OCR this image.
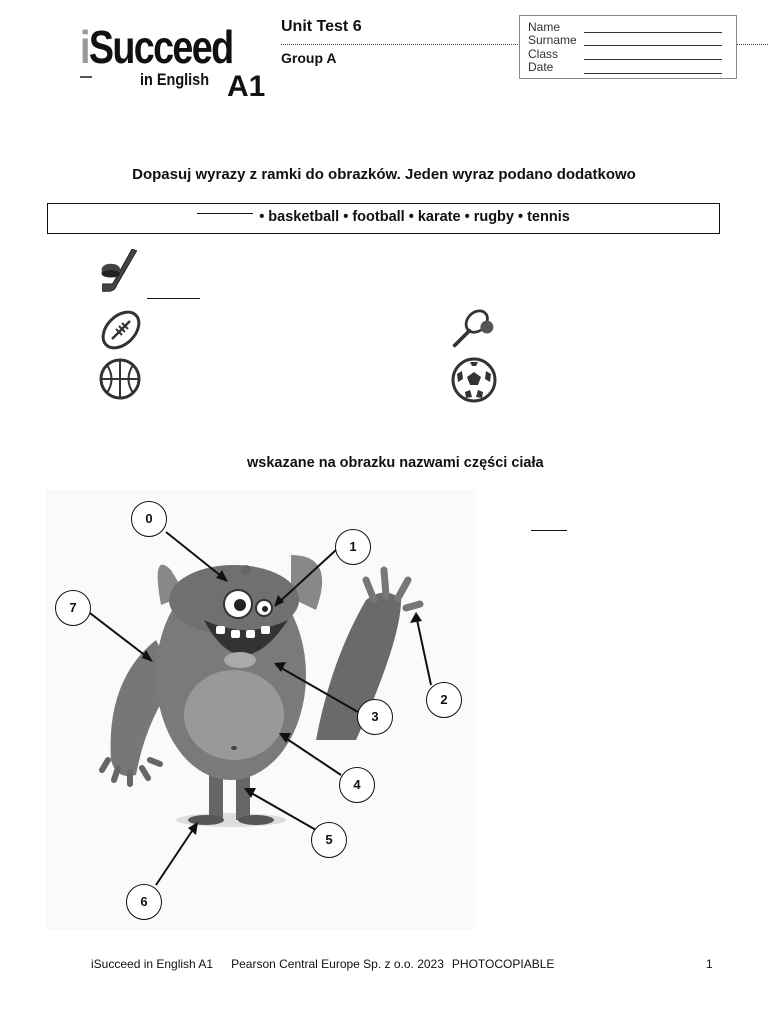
iSucceed
in English A1
Unit Test 6
Group A
Name
Surname
Class
Date
Dopasuj wyrazy z ramki do obrazków. Jeden wyraz podano dodatkowo
• basketball • football • karate • rugby • tennis
wskazane na obrazku nazwami części ciała
0
1
2
3
4
5
6
7
iSucceed in English A1 Pearson Central Europe Sp. z o.o. 2023 PHOTOCOPIABLE	1
